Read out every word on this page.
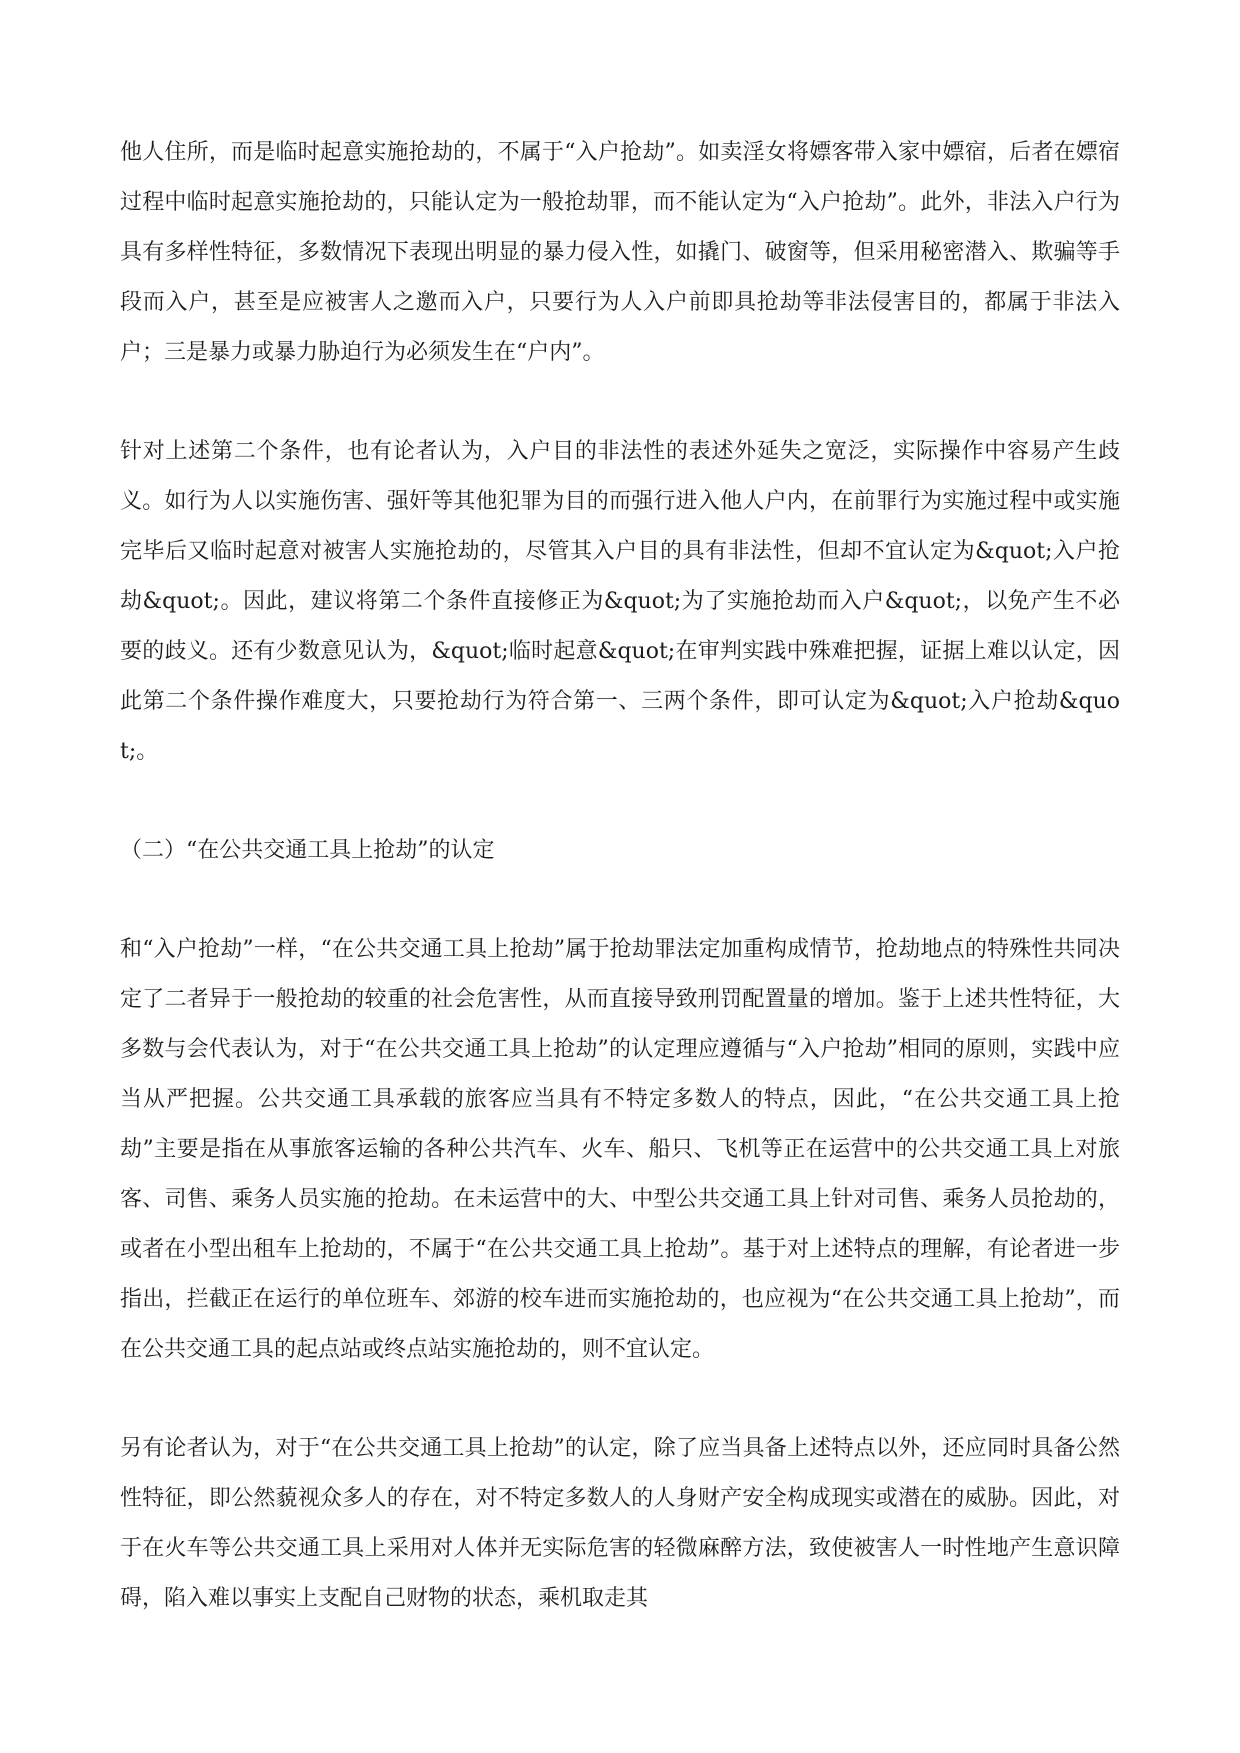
他人住所，而是临时起意实施抢劫的，不属于“入户抢劫”。如卖淫女将嫖客带入家中嫖宿，后者在嫖宿过程中临时起意实施抢劫的，只能认定为一般抢劫罪，而不能认定为“入户抢劫”。此外，非法入户行为具有多样性特征，多数情况下表现出明显的暴力侵入性，如撬门、破窗等，但采用秘密潜入、欺骗等手段而入户，甚至是应被害人之邀而入户，只要行为人入户前即具抢劫等非法侵害目的，都属于非法入户；三是暴力或暴力胁迫行为必须发生在“户内”。

针对上述第二个条件，也有论者认为，入户目的非法性的表述外延失之宽泛，实际操作中容易产生歧义。如行为人以实施伤害、强奸等其他犯罪为目的而强行进入他人户内，在前罪行为实施过程中或实施完毕后又临时起意对被害人实施抢劫的，尽管其入户目的具有非法性，但却不宜认定为&quot;入户抢劫&quot;。因此，建议将第二个条件直接修正为&quot;为了实施抢劫而入户&quot;，以免产生不必要的歧义。还有少数意见认为，&quot;临时起意&quot;在审判实践中殊难把握，证据上难以认定，因此第二个条件操作难度大，只要抢劫行为符合第一、三两个条件，即可认定为&quot;入户抢劫&quot;。

（二）“在公共交通工具上抢劫”的认定

和“入户抢劫”一样，“在公共交通工具上抢劫”属于抢劫罪法定加重构成情节，抢劫地点的特殊性共同决定了二者异于一般抢劫的较重的社会危害性，从而直接导致刑罚配置量的增加。鉴于上述共性特征，大多数与会代表认为，对于“在公共交通工具上抢劫”的认定理应遵循与“入户抢劫”相同的原则，实践中应当从严把握。公共交通工具承载的旅客应当具有不特定多数人的特点，因此，“在公共交通工具上抢劫”主要是指在从事旅客运输的各种公共汽车、火车、船只、飞机等正在运营中的公共交通工具上对旅客、司售、乘务人员实施的抢劫。在未运营中的大、中型公共交通工具上针对司售、乘务人员抢劫的，或者在小型出租车上抢劫的，不属于“在公共交通工具上抢劫”。基于对上述特点的理解，有论者进一步指出，拦截正在运行的单位班车、郊游的校车进而实施抢劫的，也应视为“在公共交通工具上抢劫”，而在公共交通工具的起点站或终点站实施抢劫的，则不宜认定。

另有论者认为，对于“在公共交通工具上抢劫”的认定，除了应当具备上述特点以外，还应同时具备公然性特征，即公然藐视众多人的存在，对不特定多数人的人身财产安全构成现实或潜在的威胁。因此，对于在火车等公共交通工具上采用对人体并无实际危害的轻微麻醉方法，致使被害人一时性地产生意识障碍，陷入难以事实上支配自己财物的状态，乘机取走其
